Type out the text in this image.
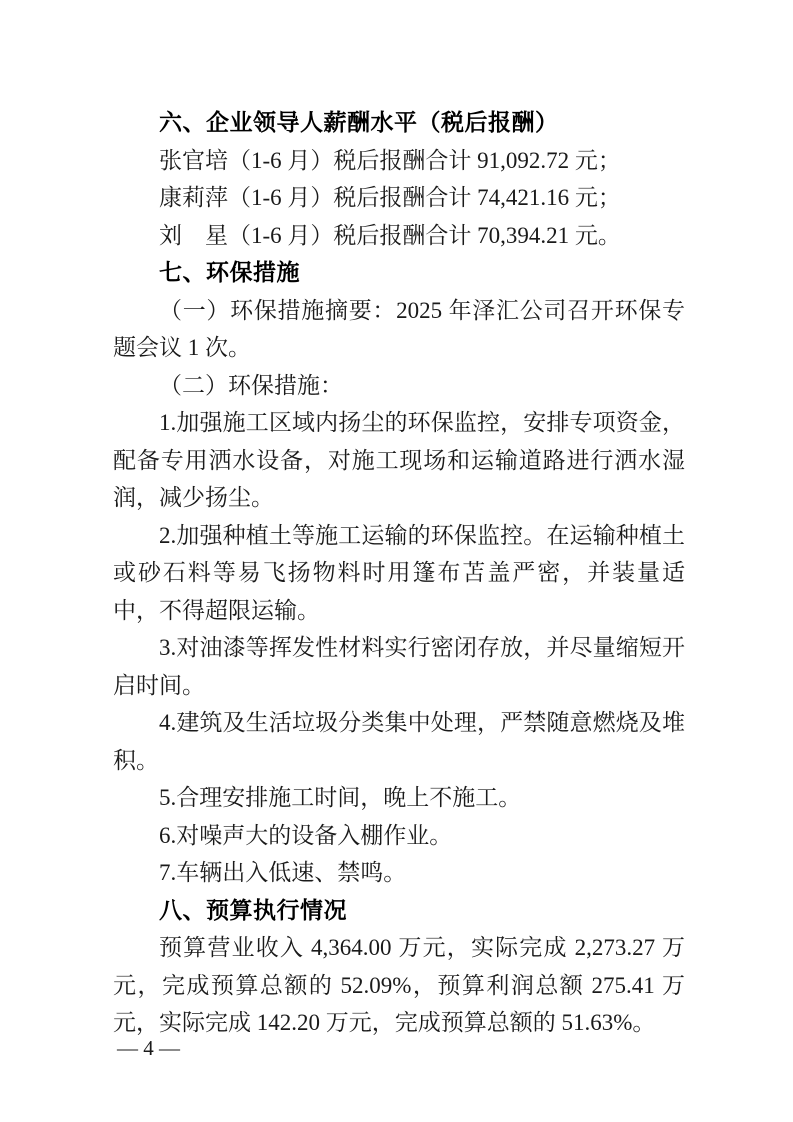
六、企业领导人薪酬水平（税后报酬）

张官培（1-6 月）税后报酬合计 91,092.72 元；

康莉萍（1-6 月）税后报酬合计 74,421.16 元；

刘　星（1-6 月）税后报酬合计 70,394.21 元。

七、环保措施

（一）环保措施摘要：2025 年泽汇公司召开环保专题会议 1 次。

（二）环保措施：

1.加强施工区域内扬尘的环保监控，安排专项资金，配备专用洒水设备，对施工现场和运输道路进行洒水湿润，减少扬尘。

2.加强种植土等施工运输的环保监控。在运输种植土或砂石料等易飞扬物料时用篷布苫盖严密，并装量适中，不得超限运输。

3.对油漆等挥发性材料实行密闭存放，并尽量缩短开启时间。

4.建筑及生活垃圾分类集中处理，严禁随意燃烧及堆积。

5.合理安排施工时间，晚上不施工。

6.对噪声大的设备入棚作业。

7.车辆出入低速、禁鸣。

八、预算执行情况

预算营业收入 4,364.00 万元，实际完成 2,273.27 万元，完成预算总额的 52.09%，预算利润总额 275.41 万元，实际完成 142.20 万元，完成预算总额的 51.63%。

— 4 —
